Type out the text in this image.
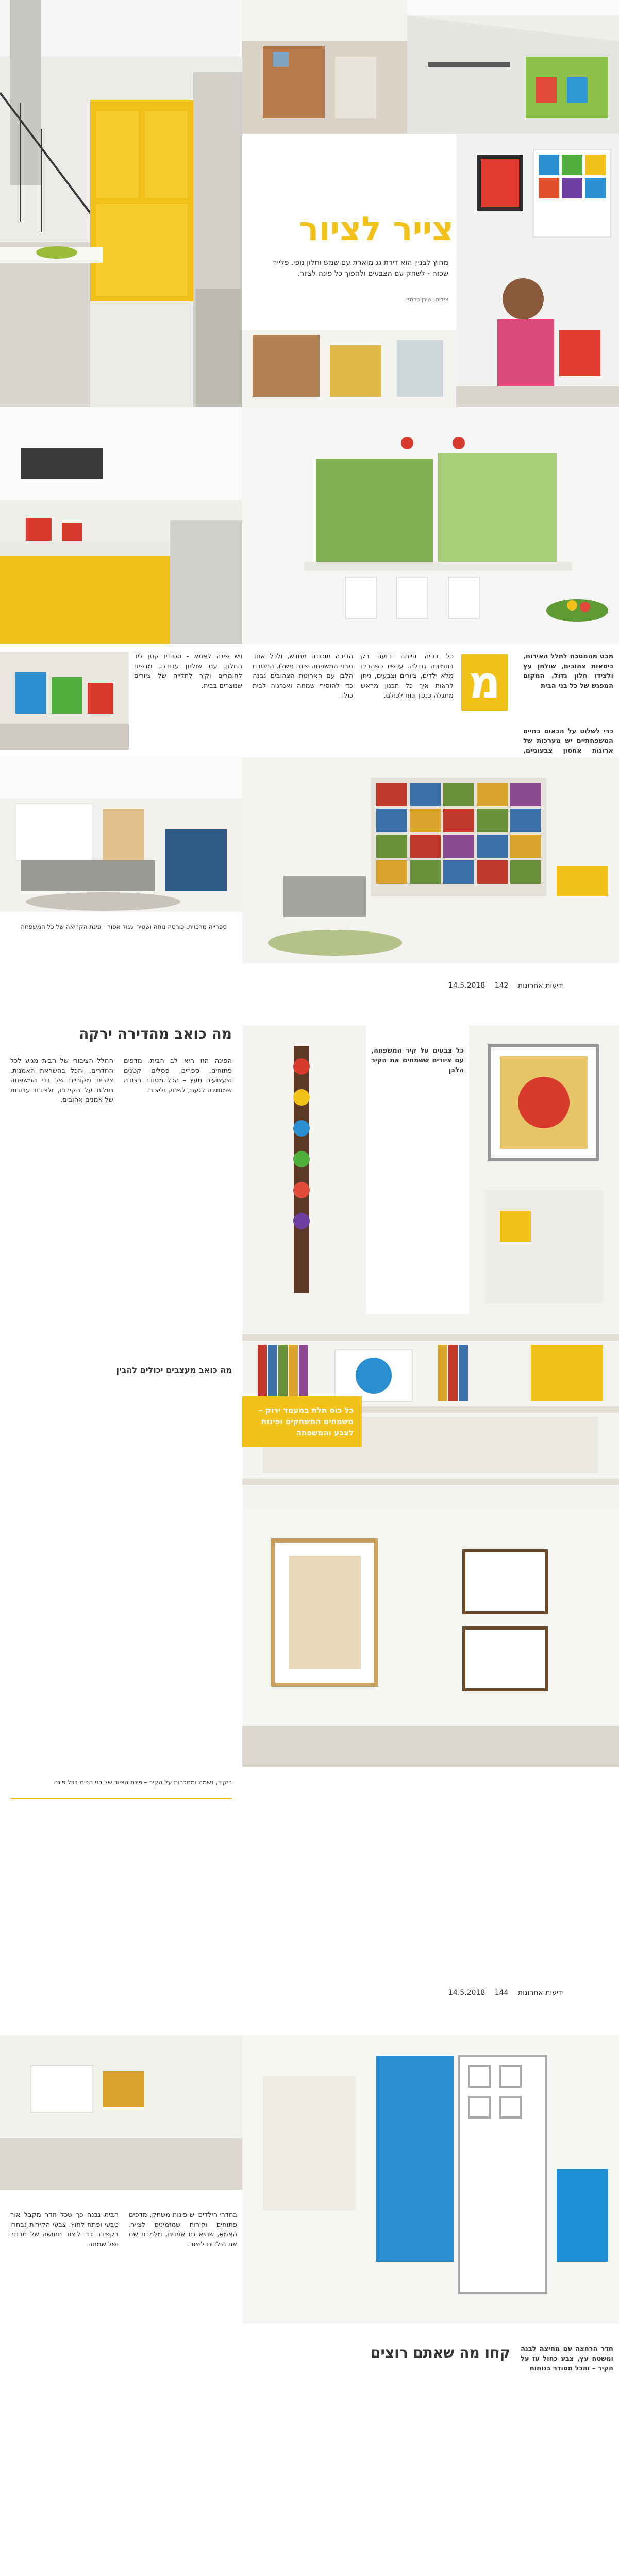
צייר לציור
מחוץ לבניין הוא דירת גג מוארת עם שמש וחלון נופי. פלייר שכזה - לשחק עם הצבעים ולהפוך כל פינה לציור.
צילום: שירן כרמל
מבט מהמטבח לחלל האירוח, כיסאות צהובים, שולחן עץ ולצידו חלון גדול. המקום המפגש של כל בני הבית
כדי לשלוט על הכאוס בחיים המשפחתיים יש מערכות של ארונות אחסון צבעוניים,
מ
כל בנייה הייתה ידועה רק בתמיהה גדולה. עכשיו כשהבית מלא ילדים, ציורים וצבעים, ניתן לראות איך כל תכנון מראש מתגלה כנכון ונוח לכולם.
הדירה תוכננה מחדש, ולכל אחד מבני המשפחה פינה משלו. המטבח הלבן עם הארונות הצהובים נבנה כדי להוסיף שמחה ואנרגיה לבית כולו.
ויש פינה לאמא - סטודיו קטן ליד החלון, עם שולחן עבודה, מדפים לחומרים וקיר לתלייה של ציורים שנוצרים בבית.
ספרייה מרכזית, כורסה נוחה ושטיח עגול אפור - פינת הקריאה של כל המשפחה
14.5.2018	ידיעות אחרונות 142
כל צבעים על קיר המשפחה, עם ציורים ששמחים את הקיר הלבן
כל כוס תלת במעמד ירוק – משמחים המשחקים ופינות לצבע והמשפחה
מה כואב מהדירה ירקה
החלל הציבורי של הבית מגיע לכל החדרים, והכל בהשראת האמנות. ציורים מקוריים של בני המשפחה נתלים על הקירות, ולצידם עבודות של אמנים אהובים.
הפינה הזו היא לב הבית. מדפים פתוחים, ספרים, פסלים קטנים וצעצועים מעץ – הכל מסודר בצורה שמזמינה לגעת, לשחק וליצור.
מה כואב מעצבים יכולים להבין
ריקוד, נשמה ומחברות על הקיר – פינת הציור של בני הבית בכל פינה
14.5.2018	ידיעות אחרונות 144
חדר הרחצה עם מחיצה לבנה ומשטח עץ, צבע כחול עז על הקיר – והכל מסודר בנוחות
קחו מה שאתם רוצים
הבית נבנה כך שכל חדר מקבל אור טבעי ופתח לחוץ. צבעי הקירות נבחרו בקפידה כדי ליצור תחושה של מרחב ושל שמחה.
בחדרי הילדים יש פינות משחק, מדפים פתוחים וקירות שמזמינים לצייר. האמא, שהיא גם אמנית, מלמדת שם את הילדים ליצור.
